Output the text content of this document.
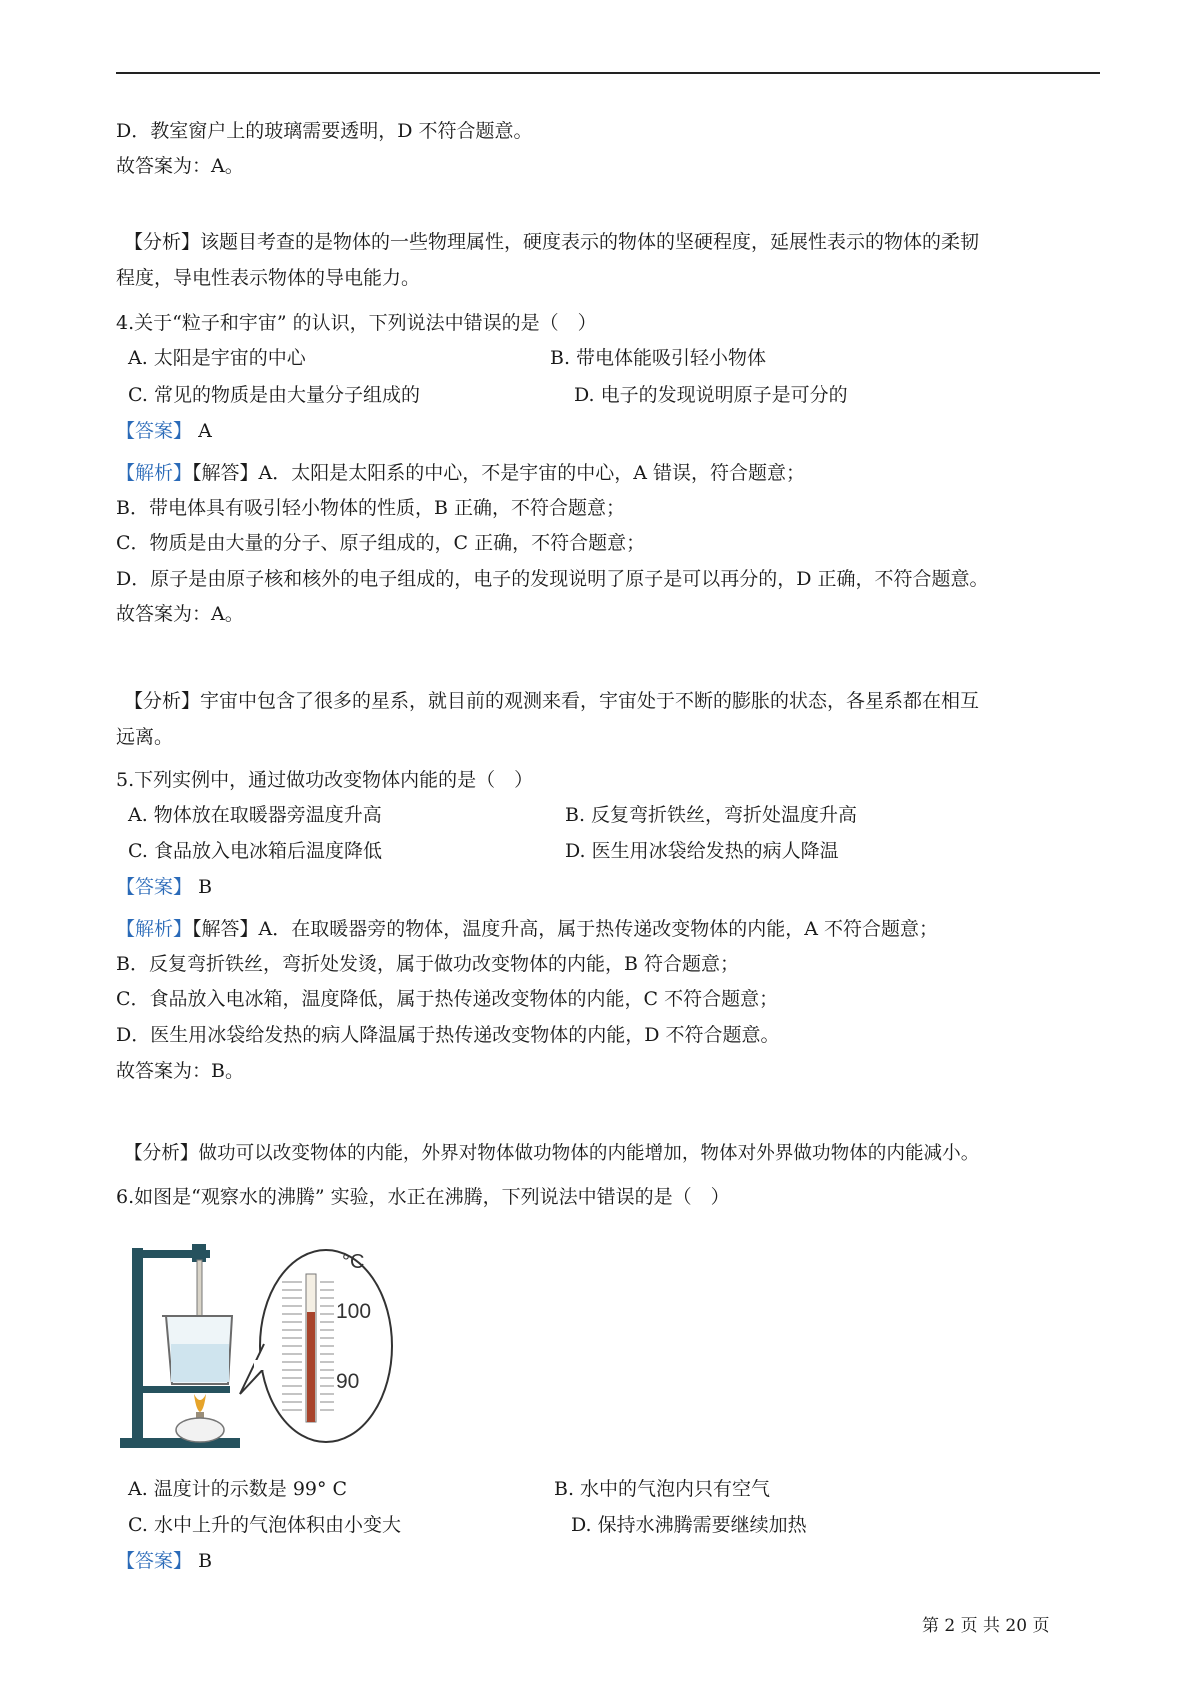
D．教室窗户上的玻璃需要透明，D 不符合题意。
故答案为：A。
【分析】该题目考查的是物体的一些物理属性，硬度表示的物体的坚硬程度，延展性表示的物体的柔韧
程度，导电性表示物体的导电能力。
4.关于“粒子和宇宙” 的认识，下列说法中错误的是（　）
A. 太阳是宇宙的中心	B. 带电体能吸引轻小物体
C. 常见的物质是由大量分子组成的	D. 电子的发现说明原子是可分的
【答案】 A
【解析】【解答】A．太阳是太阳系的中心，不是宇宙的中心，A 错误，符合题意；
B．带电体具有吸引轻小物体的性质，B 正确，不符合题意；
C．物质是由大量的分子、原子组成的，C 正确，不符合题意；
D．原子是由原子核和核外的电子组成的，电子的发现说明了原子是可以再分的，D 正确，不符合题意。
故答案为：A。
【分析】宇宙中包含了很多的星系，就目前的观测来看，宇宙处于不断的膨胀的状态，各星系都在相互
远离。
5.下列实例中，通过做功改变物体内能的是（　）
A. 物体放在取暖器旁温度升高	B. 反复弯折铁丝，弯折处温度升高
C. 食品放入电冰箱后温度降低	D. 医生用冰袋给发热的病人降温
【答案】 B
【解析】【解答】A．在取暖器旁的物体，温度升高，属于热传递改变物体的内能，A 不符合题意；
B．反复弯折铁丝，弯折处发烫，属于做功改变物体的内能，B 符合题意；
C．食品放入电冰箱，温度降低，属于热传递改变物体的内能，C 不符合题意；
D．医生用冰袋给发热的病人降温属于热传递改变物体的内能，D 不符合题意。
故答案为：B。
【分析】做功可以改变物体的内能，外界对物体做功物体的内能增加，物体对外界做功物体的内能减小。
6.如图是“观察水的沸腾” 实验，水正在沸腾，下列说法中错误的是（　）
°C
100
90
A. 温度计的示数是 99° C	B. 水中的气泡内只有空气
C. 水中上升的气泡体积由小变大	D. 保持水沸腾需要继续加热
【答案】 B
第 2 页 共 20 页
